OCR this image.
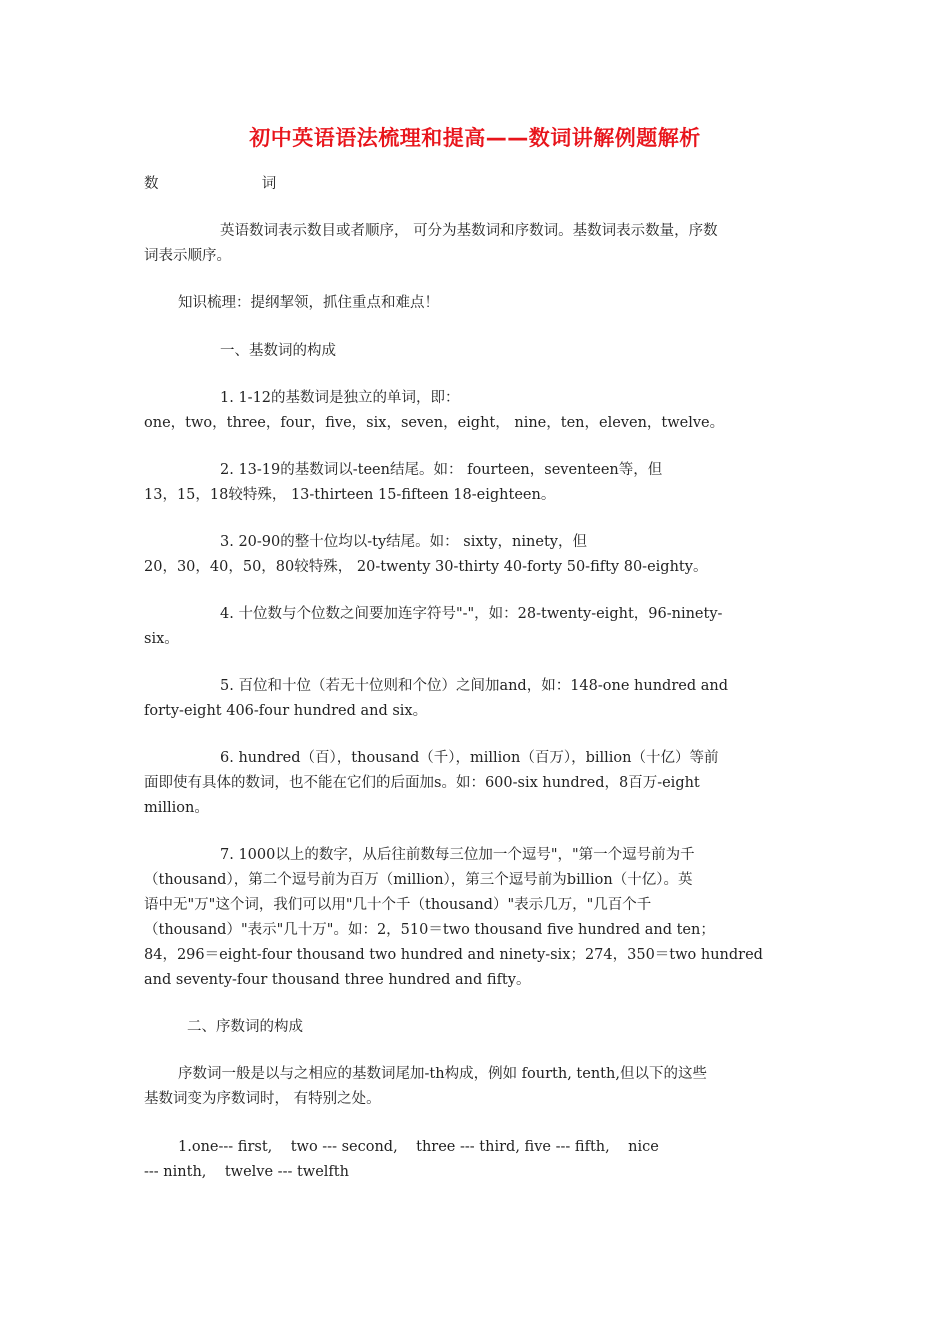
初中英语语法梳理和提高——数词讲解例题解析
数	词
英语数词表示数目或者顺序， 可分为基数词和序数词。基数词表示数量，序数
词表示顺序。
知识梳理：提纲挈领，抓住重点和难点！
一、基数词的构成
1. 1-12的基数词是独立的单词，即：
one，two，three，four，five，six，seven，eight， nine，ten，eleven，twelve。
2. 13-19的基数词以-teen结尾。如： fourteen，seventeen等，但
13，15，18较特殊， 13-thirteen 15-fifteen 18-eighteen。
3. 20-90的整十位均以-ty结尾。如： sixty，ninety，但
20，30，40，50，80较特殊， 20-twenty 30-thirty 40-forty 50-fifty 80-eighty。
4. 十位数与个位数之间要加连字符号"-"，如：28-twenty-eight，96-ninety-
six。
5. 百位和十位（若无十位则和个位）之间加and，如：148-one hundred and
forty-eight 406-four hundred and six。
6. hundred（百），thousand（千），million（百万），billion（十亿）等前
面即使有具体的数词，也不能在它们的后面加s。如：600-six hundred，8百万-eight
million。
7. 1000以上的数字，从后往前数每三位加一个逗号"，"第一个逗号前为千
（thousand），第二个逗号前为百万（million），第三个逗号前为billion（十亿）。英
语中无"万"这个词，我们可以用"几十个千（thousand）"表示几万，"几百个千
（thousand）"表示"几十万"。如：2，510＝two thousand five hundred and ten；
84，296＝eight-four thousand two hundred and ninety-six；274，350＝two hundred
and seventy-four thousand three hundred and fifty。
二、序数词的构成
序数词一般是以与之相应的基数词尾加-th构成，例如 fourth, tenth,但以下的这些
基数词变为序数词时， 有特别之处。
1.one--- first,    two --- second,    three --- third, five --- fifth,    nice
--- ninth,    twelve --- twelfth
